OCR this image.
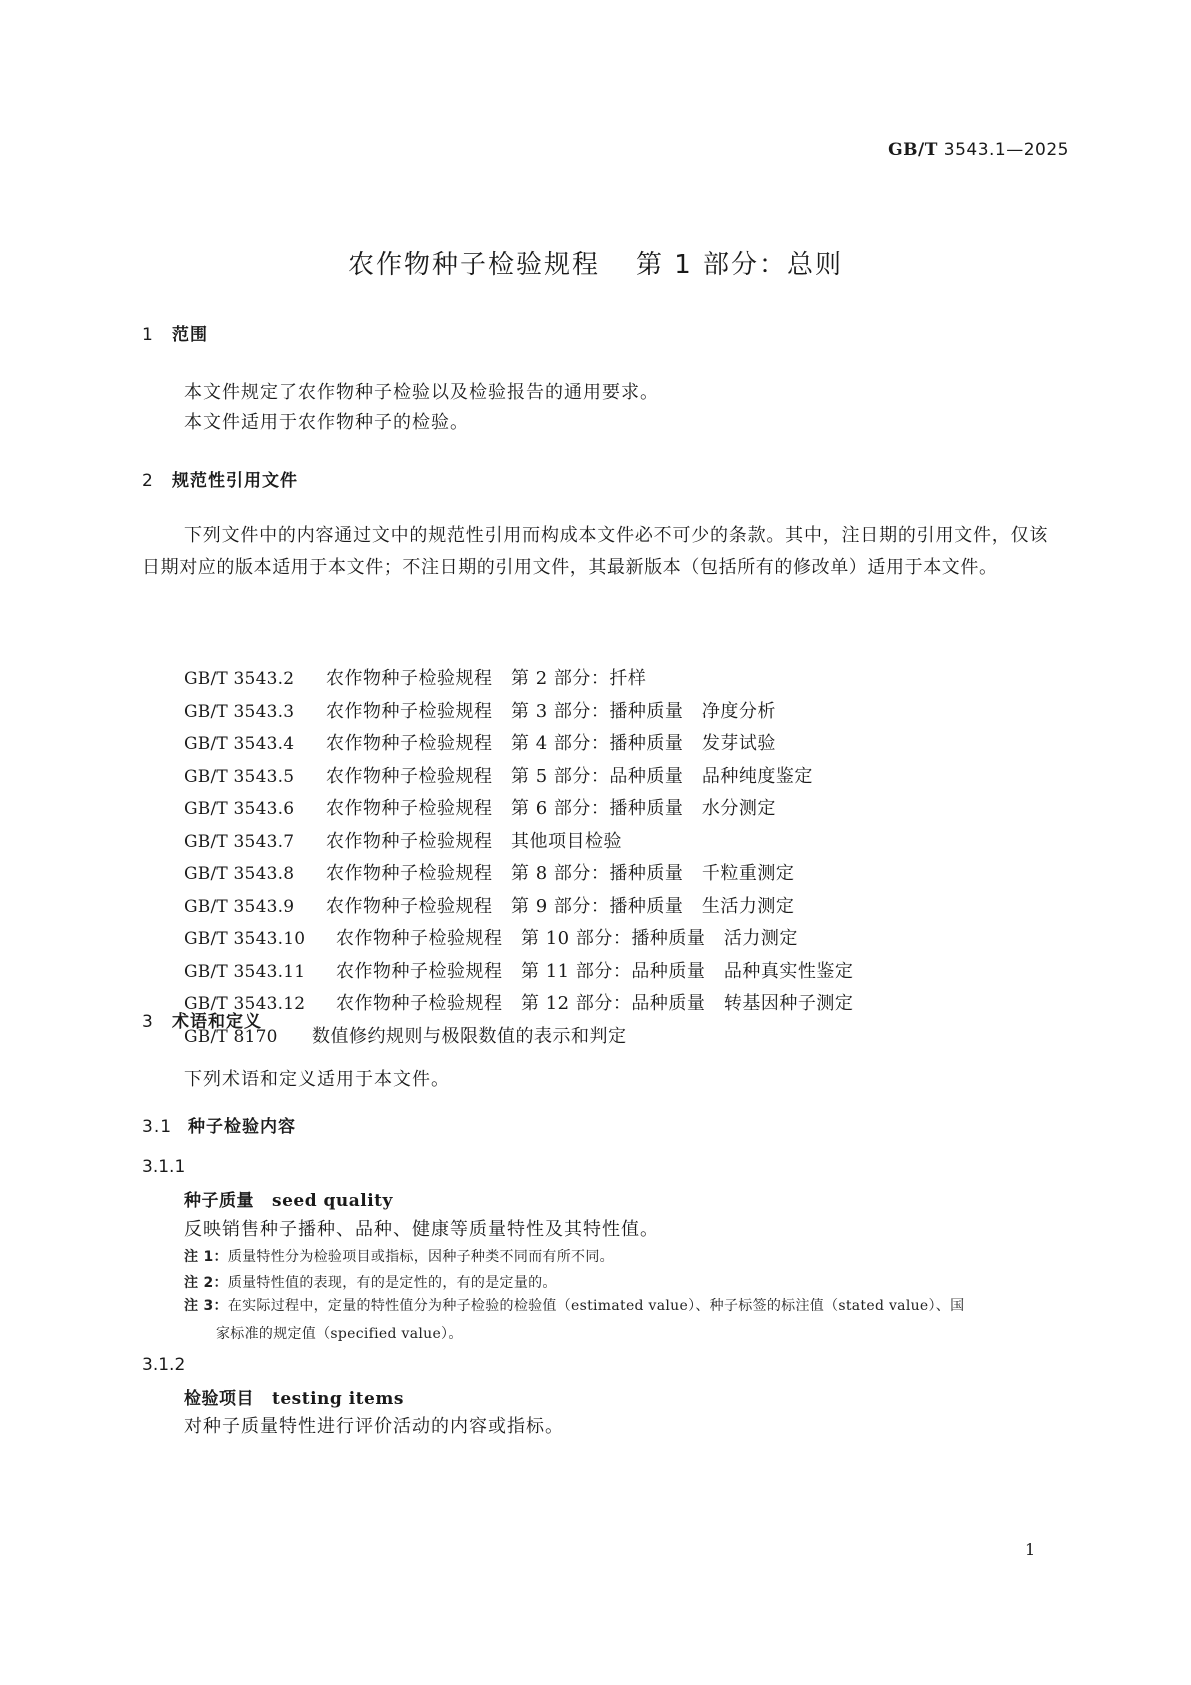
GB/T 3543.1—2025
农作物种子检验规程 第 1 部分：总则
1 范围
本文件规定了农作物种子检验以及检验报告的通用要求。
本文件适用于农作物种子的检验。
2 规范性引用文件
下列文件中的内容通过文中的规范性引用而构成本文件必不可少的条款。其中，注日期的引用文件，仅该日期对应的版本适用于本文件；不注日期的引用文件，其最新版本（包括所有的修改单）适用于本文件。
GB/T 3543.2 农作物种子检验规程　第 2 部分：扦样
GB/T 3543.3 农作物种子检验规程　第 3 部分：播种质量　净度分析
GB/T 3543.4 农作物种子检验规程　第 4 部分：播种质量　发芽试验
GB/T 3543.5 农作物种子检验规程　第 5 部分：品种质量　品种纯度鉴定
GB/T 3543.6 农作物种子检验规程　第 6 部分：播种质量　水分测定
GB/T 3543.7 农作物种子检验规程　其他项目检验
GB/T 3543.8 农作物种子检验规程　第 8 部分：播种质量　千粒重测定
GB/T 3543.9 农作物种子检验规程　第 9 部分：播种质量　生活力测定
GB/T 3543.10 农作物种子检验规程　第 10 部分：播种质量　活力测定
GB/T 3543.11 农作物种子检验规程　第 11 部分：品种质量　品种真实性鉴定
GB/T 3543.12 农作物种子检验规程　第 12 部分：品种质量　转基因种子测定
GB/T 8170 数值修约规则与极限数值的表示和判定
3 术语和定义
下列术语和定义适用于本文件。
3.1 种子检验内容
3.1.1
种子质量 seed quality
反映销售种子播种、品种、健康等质量特性及其特性值。
注 1：质量特性分为检验项目或指标，因种子种类不同而有所不同。
注 2：质量特性值的表现，有的是定性的，有的是定量的。
注 3：在实际过程中，定量的特性值分为种子检验的检验值（estimated value）、种子标签的标注值（stated value）、国
家标准的规定值（specified value）。
3.1.2
检验项目 testing items
对种子质量特性进行评价活动的内容或指标。
1
